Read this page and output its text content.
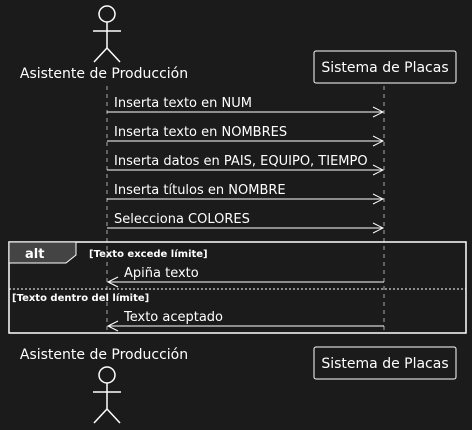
Asistente de Producción	Sistema de Placas
Inserta texto en NUM
Inserta texto en NOMBRES
Inserta datos en PAIS, EQUIPO, TIEMPO
Inserta títulos en NOMBRE
Selecciona COLORES
alt	[Texto excede límite]
[Texto dentro del límite]
Apiña texto
Texto aceptado
Asistente de Producción
Sistema de Placas
